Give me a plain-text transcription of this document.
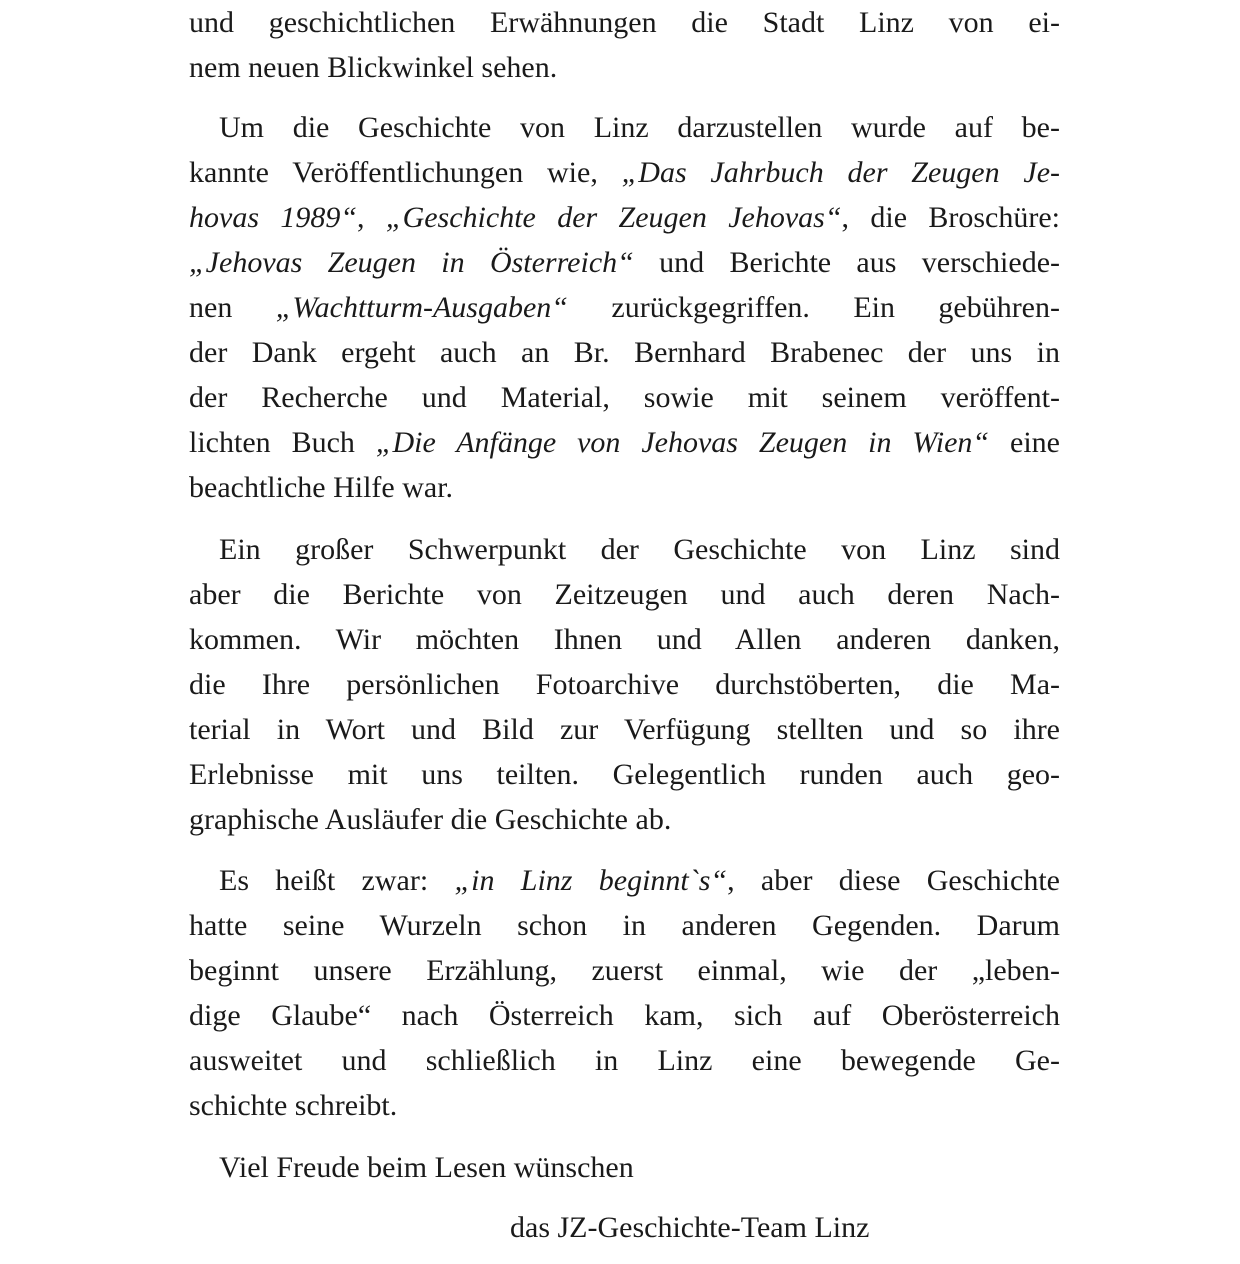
und geschichtlichen Erwähnungen die Stadt Linz von ei-
nem neuen Blickwinkel sehen.
Um die Geschichte von Linz darzustellen wurde auf be-
kannte Veröffentlichungen wie, „Das Jahrbuch der Zeugen Je-
hovas 1989“, „Geschichte der Zeugen Jehovas“, die Broschüre:
„Jehovas Zeugen in Österreich“ und Berichte aus verschiede-
nen „Wachtturm-Ausgaben“ zurückgegriffen. Ein gebühren-
der Dank ergeht auch an Br. Bernhard Brabenec der uns in
der Recherche und Material, sowie mit seinem veröffent-
lichten Buch „Die Anfänge von Jehovas Zeugen in Wien“ eine
beachtliche Hilfe war.
Ein großer Schwerpunkt der Geschichte von Linz sind
aber die Berichte von Zeitzeugen und auch deren Nach-
kommen. Wir möchten Ihnen und Allen anderen danken,
die Ihre persönlichen Fotoarchive durchstöberten, die Ma-
terial in Wort und Bild zur Verfügung stellten und so ihre
Erlebnisse mit uns teilten. Gelegentlich runden auch geo-
graphische Ausläufer die Geschichte ab.
Es heißt zwar: „in Linz beginnt`s“, aber diese Geschichte
hatte seine Wurzeln schon in anderen Gegenden. Darum
beginnt unsere Erzählung, zuerst einmal, wie der „leben-
dige Glaube“ nach Österreich kam, sich auf Oberösterreich
ausweitet und schließlich in Linz eine bewegende Ge-
schichte schreibt.
Viel Freude beim Lesen wünschen
das JZ-Geschichte-Team Linz
